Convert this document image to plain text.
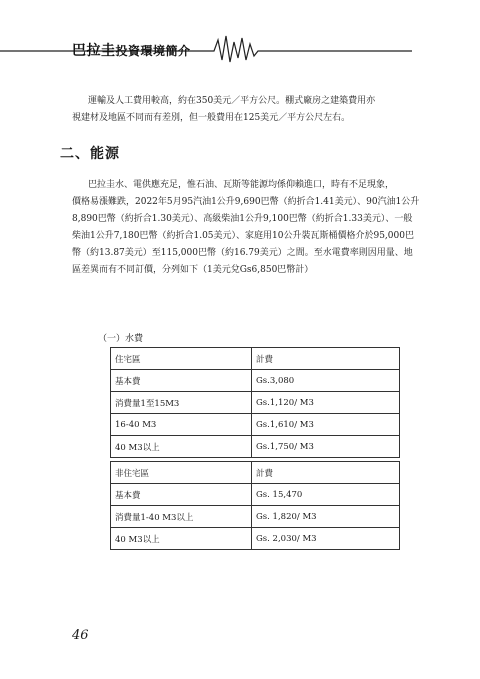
巴拉圭投資環境簡介

運輸及人工費用較高，約在350美元／平方公尺。棚式廠房之建築費用亦
視建材及地區不同而有差別，但一般費用在125美元／平方公尺左右。

二、能源

巴拉圭水、電供應充足，惟石油、瓦斯等能源均係仰賴進口，時有不足現象，
價格易漲難跌，2022年5月95汽油1公升9,690巴幣（約折合1.41美元）、90汽油1公升
8,890巴幣（約折合1.30美元）、高級柴油1公升9,100巴幣（約折合1.33美元）、一般
柴油1公升7,180巴幣（約折合1.05美元）、家庭用10公升裝瓦斯桶價格介於95,000巴
幣（約13.87美元）至115,000巴幣（約16.79美元）之間。至水電費率則因用量、地
區差異而有不同訂價，分列如下（1美元兌Gs6,850巴幣計）

（一）水費
住宅區	計費
基本費	Gs.3,080
消費量1至15M3	Gs.1,120/ M3
16-40 M3	Gs.1,610/ M3
40 M3以上	Gs.1,750/ M3
非住宅區	計費
基本費	Gs. 15,470
消費量1-40 M3以上	Gs. 1,820/ M3
40 M3以上	Gs. 2,030/ M3
46
